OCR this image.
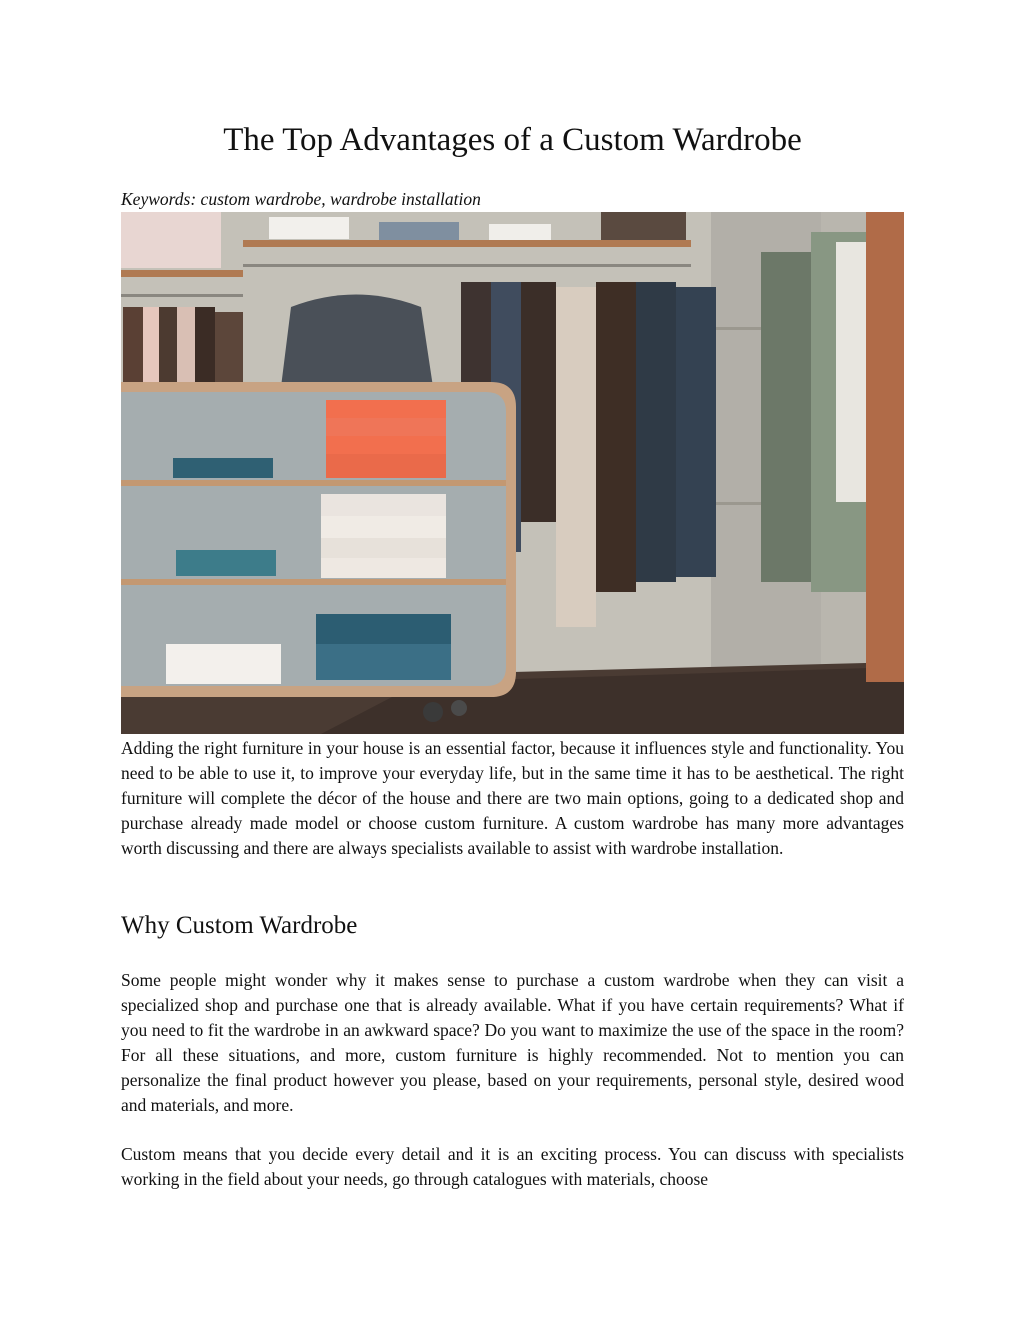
The Top Advantages of a Custom Wardrobe

Keywords: custom wardrobe, wardrobe installation

Adding the right furniture in your house is an essential factor, because it influences style and functionality. You need to be able to use it, to improve your everyday life, but in the same time it has to be aesthetical. The right furniture will complete the décor of the house and there are two main options, going to a dedicated shop and purchase already made model or choose custom furniture. A custom wardrobe has many more advantages worth discussing and there are always specialists available to assist with wardrobe installation.

Why Custom Wardrobe

Some people might wonder why it makes sense to purchase a custom wardrobe when they can visit a specialized shop and purchase one that is already available. What if you have certain requirements? What if you need to fit the wardrobe in an awkward space? Do you want to maximize the use of the space in the room? For all these situations, and more, custom furniture is highly recommended. Not to mention you can personalize the final product however you please, based on your requirements, personal style, desired wood and materials, and more.

Custom means that you decide every detail and it is an exciting process. You can discuss with specialists working in the field about your needs, go through catalogues with materials, choose
